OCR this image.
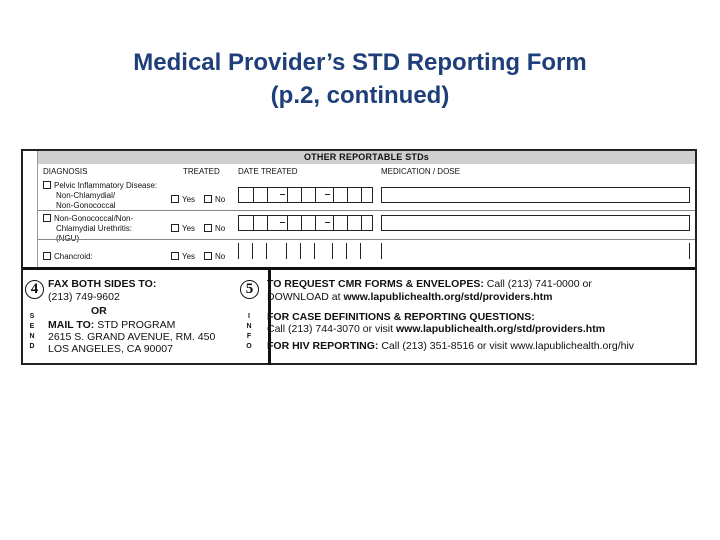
Medical Provider’s STD Reporting Form
(p.2, continued)
OTHER REPORTABLE STDs
DIAGNOSIS	TREATED DATE TREATED	MEDICATION / DOSE
Pelvic Inflammatory Disease:
Non-Chlamydial/
Non-Gonococcal
Yes	No
Non-Gonococcal/Non-
Chlamydial Urethritis:	Yes	No
Chancroid:	Yes	No
4
S
E
N
D
FAX BOTH SIDES TO:
(213) 749-9602
OR
MAIL TO: STD PROGRAM
2615 S. GRAND AVENUE, RM. 450
LOS ANGELES, CA 90007
5
I
N
F
O
TO REQUEST CMR FORMS & ENVELOPES: Call (213) 741-0000 or
DOWNLOAD at www.lapublichealth.org/std/providers.htm
FOR CASE DEFINITIONS & REPORTING QUESTIONS:
Call (213) 744-3070 or visit www.lapublichealth.org/std/providers.htm
FOR HIV REPORTING: Call (213) 351-8516 or visit www.lapublichealth.org/hiv
